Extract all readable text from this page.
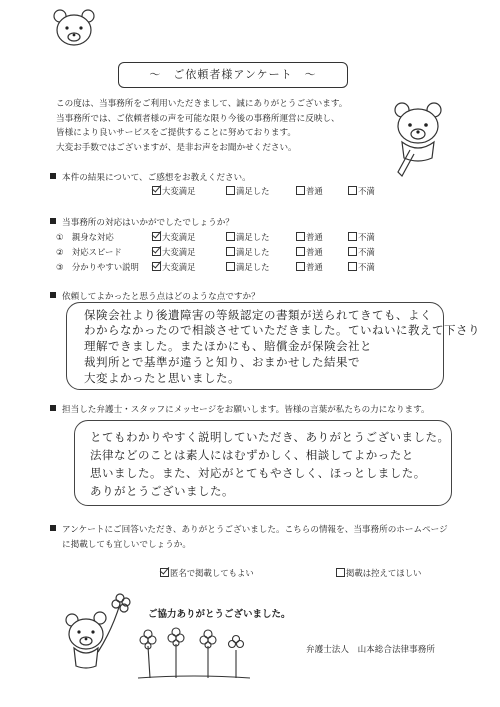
～　ご依頼者様アンケート　～
この度は、当事務所をご利用いただきまして、誠にありがとうございます。
当事務所では、ご依頼者様の声を可能な限り今後の事務所運営に反映し、
皆様により良いサービスをご提供することに努めております。
大変お手数ではございますが、是非お声をお聞かせください。
本件の結果について、ご感想をお教えください。
大変満足	満足した	普通	不満
当事務所の対応はいかがでしたでしょうか？
①　 親身な対応	大変満足	満足した	普通	不満
②　 対応スピード	大変満足	満足した	普通	不満
③　 分かりやすい説明	大変満足	満足した	普通	不満
依頼してよかったと思う点はどのような点ですか？
保険会社より後遺障害の等級認定の書類が送られてきても、よく
わからなかったので相談させていただきました。ていねいに教えて下さり
理解できました。またほかにも、賠償金が保険会社と
裁判所とで基準が違うと知り、おまかせした結果で
大変よかったと思いました。
担当した弁護士・スタッフにメッセージをお願いします。皆様の言葉が私たちの力になります。
とてもわかりやすく説明していただき、ありがとうございました。
法律などのことは素人にはむずかしく、相談してよかったと
思いました。また、対応がとてもやさしく、ほっとしました。
ありがとうございました。
アンケートにご回答いただき、ありがとうございました。こちらの情報を、当事務所のホームページ
に掲載しても宜しいでしょうか。
匿名で掲載してもよい	掲載は控えてほしい
ご協力ありがとうございました。
弁護士法人　山本総合法律事務所
